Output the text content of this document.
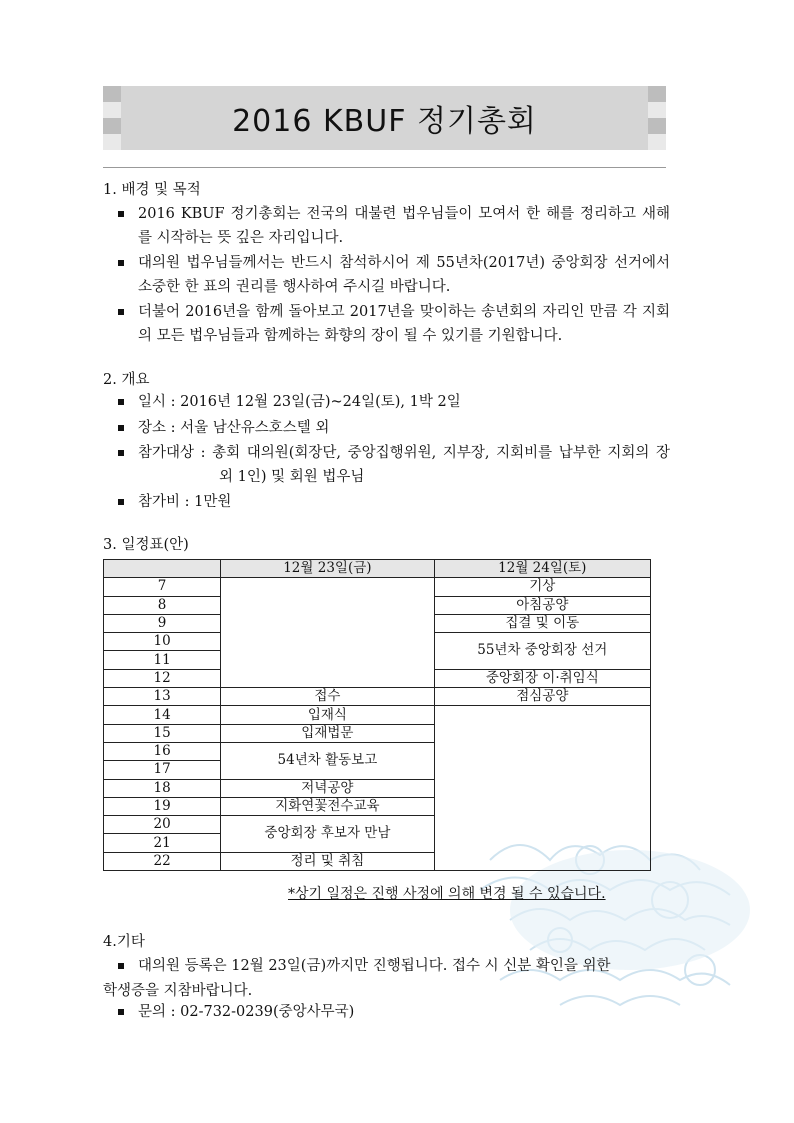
2016 KBUF 정기총회
1. 배경 및 목적
2016 KBUF 정기총회는 전국의 대불련 법우님들이 모여서 한 해를 정리하고 새해를 시작하는 뜻 깊은 자리입니다.
대의원 법우님들께서는 반드시 참석하시어 제 55년차(2017년) 중앙회장 선거에서 소중한 한 표의 권리를 행사하여 주시길 바랍니다.
더불어 2016년을 함께 돌아보고 2017년을 맞이하는 송년회의 자리인 만큼 각 지회의 모든 법우님들과 함께하는 화향의 장이 될 수 있기를 기원합니다.
2. 개요
일시 : 2016년 12월 23일(금)~24일(토), 1박 2일
장소 : 서울 남산유스호스텔 외
참가대상 : 총회 대의원(회장단, 중앙집행위원, 지부장, 지회비를 납부한 지회의 장 외 1인) 및 회원 법우님
참가비 : 1만원
3. 일정표(안)
	12월 23일(금)	12월 24일(토)
7		기상
8		아침공양
9		집결 및 이동
10		55년차 중앙회장 선거
11		
12		중앙회장 이·취임식
13	접수	점심공양
14	입재식	
15	입재법문	
16	54년차 활동보고	
17		
18	저녁공양	
19	지화연꽃전수교육	
20	중앙회장 후보자 만남	
21		
22	정리 및 취침	
*상기 일정은 진행 사정에 의해 변경 될 수 있습니다.
4.기타
대의원 등록은 12월 23일(금)까지만 진행됩니다. 접수 시 신분 확인을 위한
학생증을 지참바랍니다.
문의 : 02-732-0239(중앙사무국)
